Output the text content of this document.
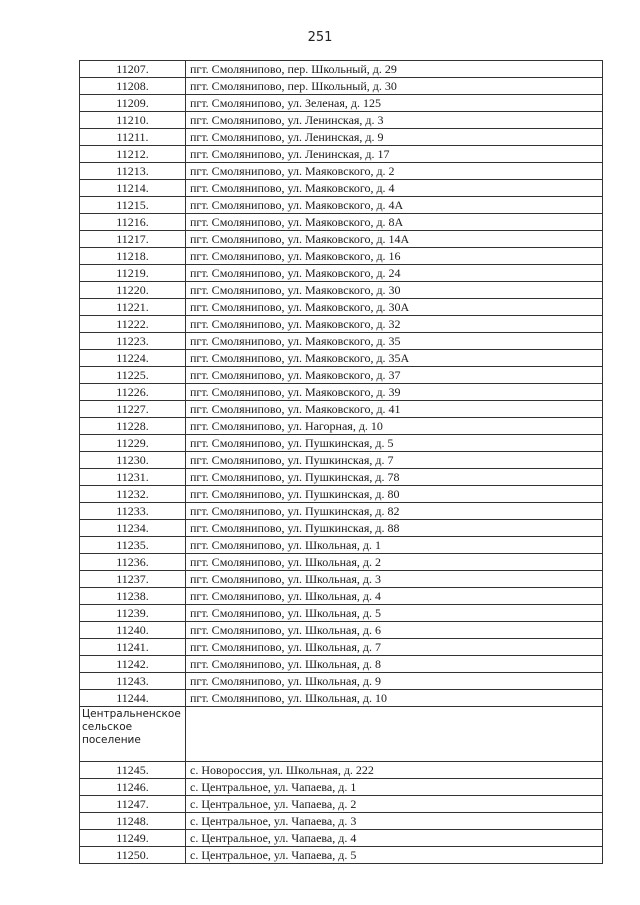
251
11207.	пгт. Смолянипово, пер. Школьный, д. 29
11208.	пгт. Смолянипово, пер. Школьный, д. 30
11209.	пгт. Смолянипово, ул. Зеленая, д. 125
11210.	пгт. Смолянипово, ул. Ленинская, д. 3
11211.	пгт. Смолянипово, ул. Ленинская, д. 9
11212.	пгт. Смолянипово, ул. Ленинская, д. 17
11213.	пгт. Смолянипово, ул. Маяковского, д. 2
11214.	пгт. Смолянипово, ул. Маяковского, д. 4
11215.	пгт. Смолянипово, ул. Маяковского, д. 4А
11216.	пгт. Смолянипово, ул. Маяковского, д. 8А
11217.	пгт. Смолянипово, ул. Маяковского, д. 14А
11218.	пгт. Смолянипово, ул. Маяковского, д. 16
11219.	пгт. Смолянипово, ул. Маяковского, д. 24
11220.	пгт. Смолянипово, ул. Маяковского, д. 30
11221.	пгт. Смолянипово, ул. Маяковского, д. 30А
11222.	пгт. Смолянипово, ул. Маяковского, д. 32
11223.	пгт. Смолянипово, ул. Маяковского, д. 35
11224.	пгт. Смолянипово, ул. Маяковского, д. 35А
11225.	пгт. Смолянипово, ул. Маяковского, д. 37
11226.	пгт. Смолянипово, ул. Маяковского, д. 39
11227.	пгт. Смолянипово, ул. Маяковского, д. 41
11228.	пгт. Смолянипово, ул. Нагорная, д. 10
11229.	пгт. Смолянипово, ул. Пушкинская, д. 5
11230.	пгт. Смолянипово, ул. Пушкинская, д. 7
11231.	пгт. Смолянипово, ул. Пушкинская, д. 78
11232.	пгт. Смолянипово, ул. Пушкинская, д. 80
11233.	пгт. Смолянипово, ул. Пушкинская, д. 82
11234.	пгт. Смолянипово, ул. Пушкинская, д. 88
11235.	пгт. Смолянипово, ул. Школьная, д. 1
11236.	пгт. Смолянипово, ул. Школьная, д. 2
11237.	пгт. Смолянипово, ул. Школьная, д. 3
11238.	пгт. Смолянипово, ул. Школьная, д. 4
11239.	пгт. Смолянипово, ул. Школьная, д. 5
11240.	пгт. Смолянипово, ул. Школьная, д. 6
11241.	пгт. Смолянипово, ул. Школьная, д. 7
11242.	пгт. Смолянипово, ул. Школьная, д. 8
11243.	пгт. Смолянипово, ул. Школьная, д. 9
11244.	пгт. Смолянипово, ул. Школьная, д. 10
Центральненское сельское поселение	
11245.	с. Новороссия, ул. Школьная, д. 222
11246.	с. Центральное, ул. Чапаева, д. 1
11247.	с. Центральное, ул. Чапаева, д. 2
11248.	с. Центральное, ул. Чапаева, д. 3
11249.	с. Центральное, ул. Чапаева, д. 4
11250.	с. Центральное, ул. Чапаева, д. 5
